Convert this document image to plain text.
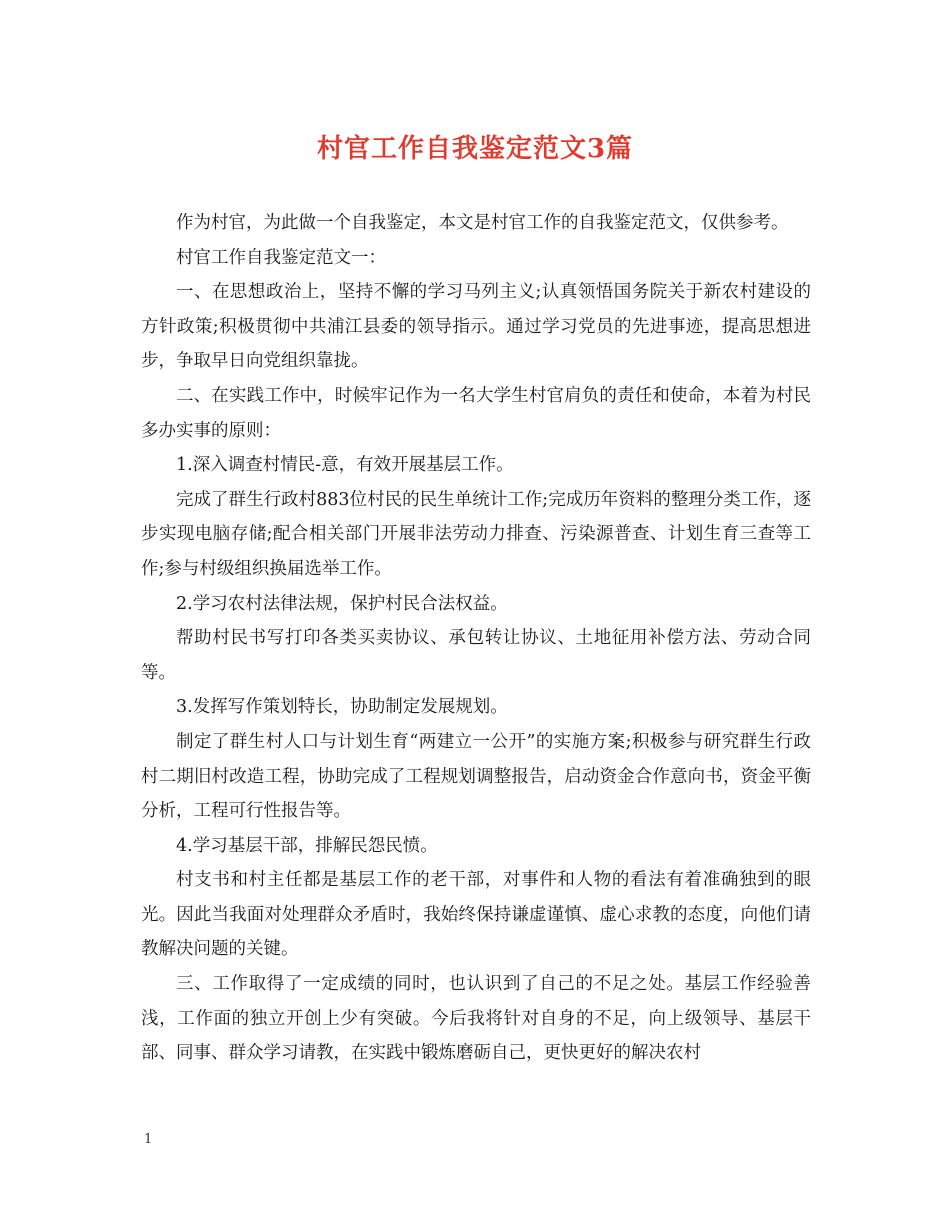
村官工作自我鉴定范文3篇

作为村官，为此做一个自我鉴定，本文是村官工作的自我鉴定范文，仅供参考。

村官工作自我鉴定范文一：

一、在思想政治上，坚持不懈的学习马列主义;认真领悟国务院关于新农村建设的方针政策;积极贯彻中共浦江县委的领导指示。通过学习党员的先进事迹，提高思想进步，争取早日向党组织靠拢。

二、在实践工作中，时候牢记作为一名大学生村官肩负的责任和使命，本着为村民多办实事的原则：

1.深入调查村情民-意，有效开展基层工作。

完成了群生行政村883位村民的民生单统计工作;完成历年资料的整理分类工作，逐步实现电脑存储;配合相关部门开展非法劳动力排查、污染源普查、计划生育三查等工作;参与村级组织换届选举工作。

2.学习农村法律法规，保护村民合法权益。

帮助村民书写打印各类买卖协议、承包转让协议、土地征用补偿方法、劳动合同等。

3.发挥写作策划特长，协助制定发展规划。

制定了群生村人口与计划生育“两建立一公开”的实施方案;积极参与研究群生行政村二期旧村改造工程，协助完成了工程规划调整报告，启动资金合作意向书，资金平衡分析，工程可行性报告等。

4.学习基层干部，排解民怨民愤。

村支书和村主任都是基层工作的老干部，对事件和人物的看法有着准确独到的眼光。因此当我面对处理群众矛盾时，我始终保持谦虚谨慎、虚心求教的态度，向他们请教解决问题的关键。

三、工作取得了一定成绩的同时，也认识到了自己的不足之处。基层工作经验善浅，工作面的独立开创上少有突破。今后我将针对自身的不足，向上级领导、基层干部、同事、群众学习请教，在实践中锻炼磨砺自己，更快更好的解决农村

1
